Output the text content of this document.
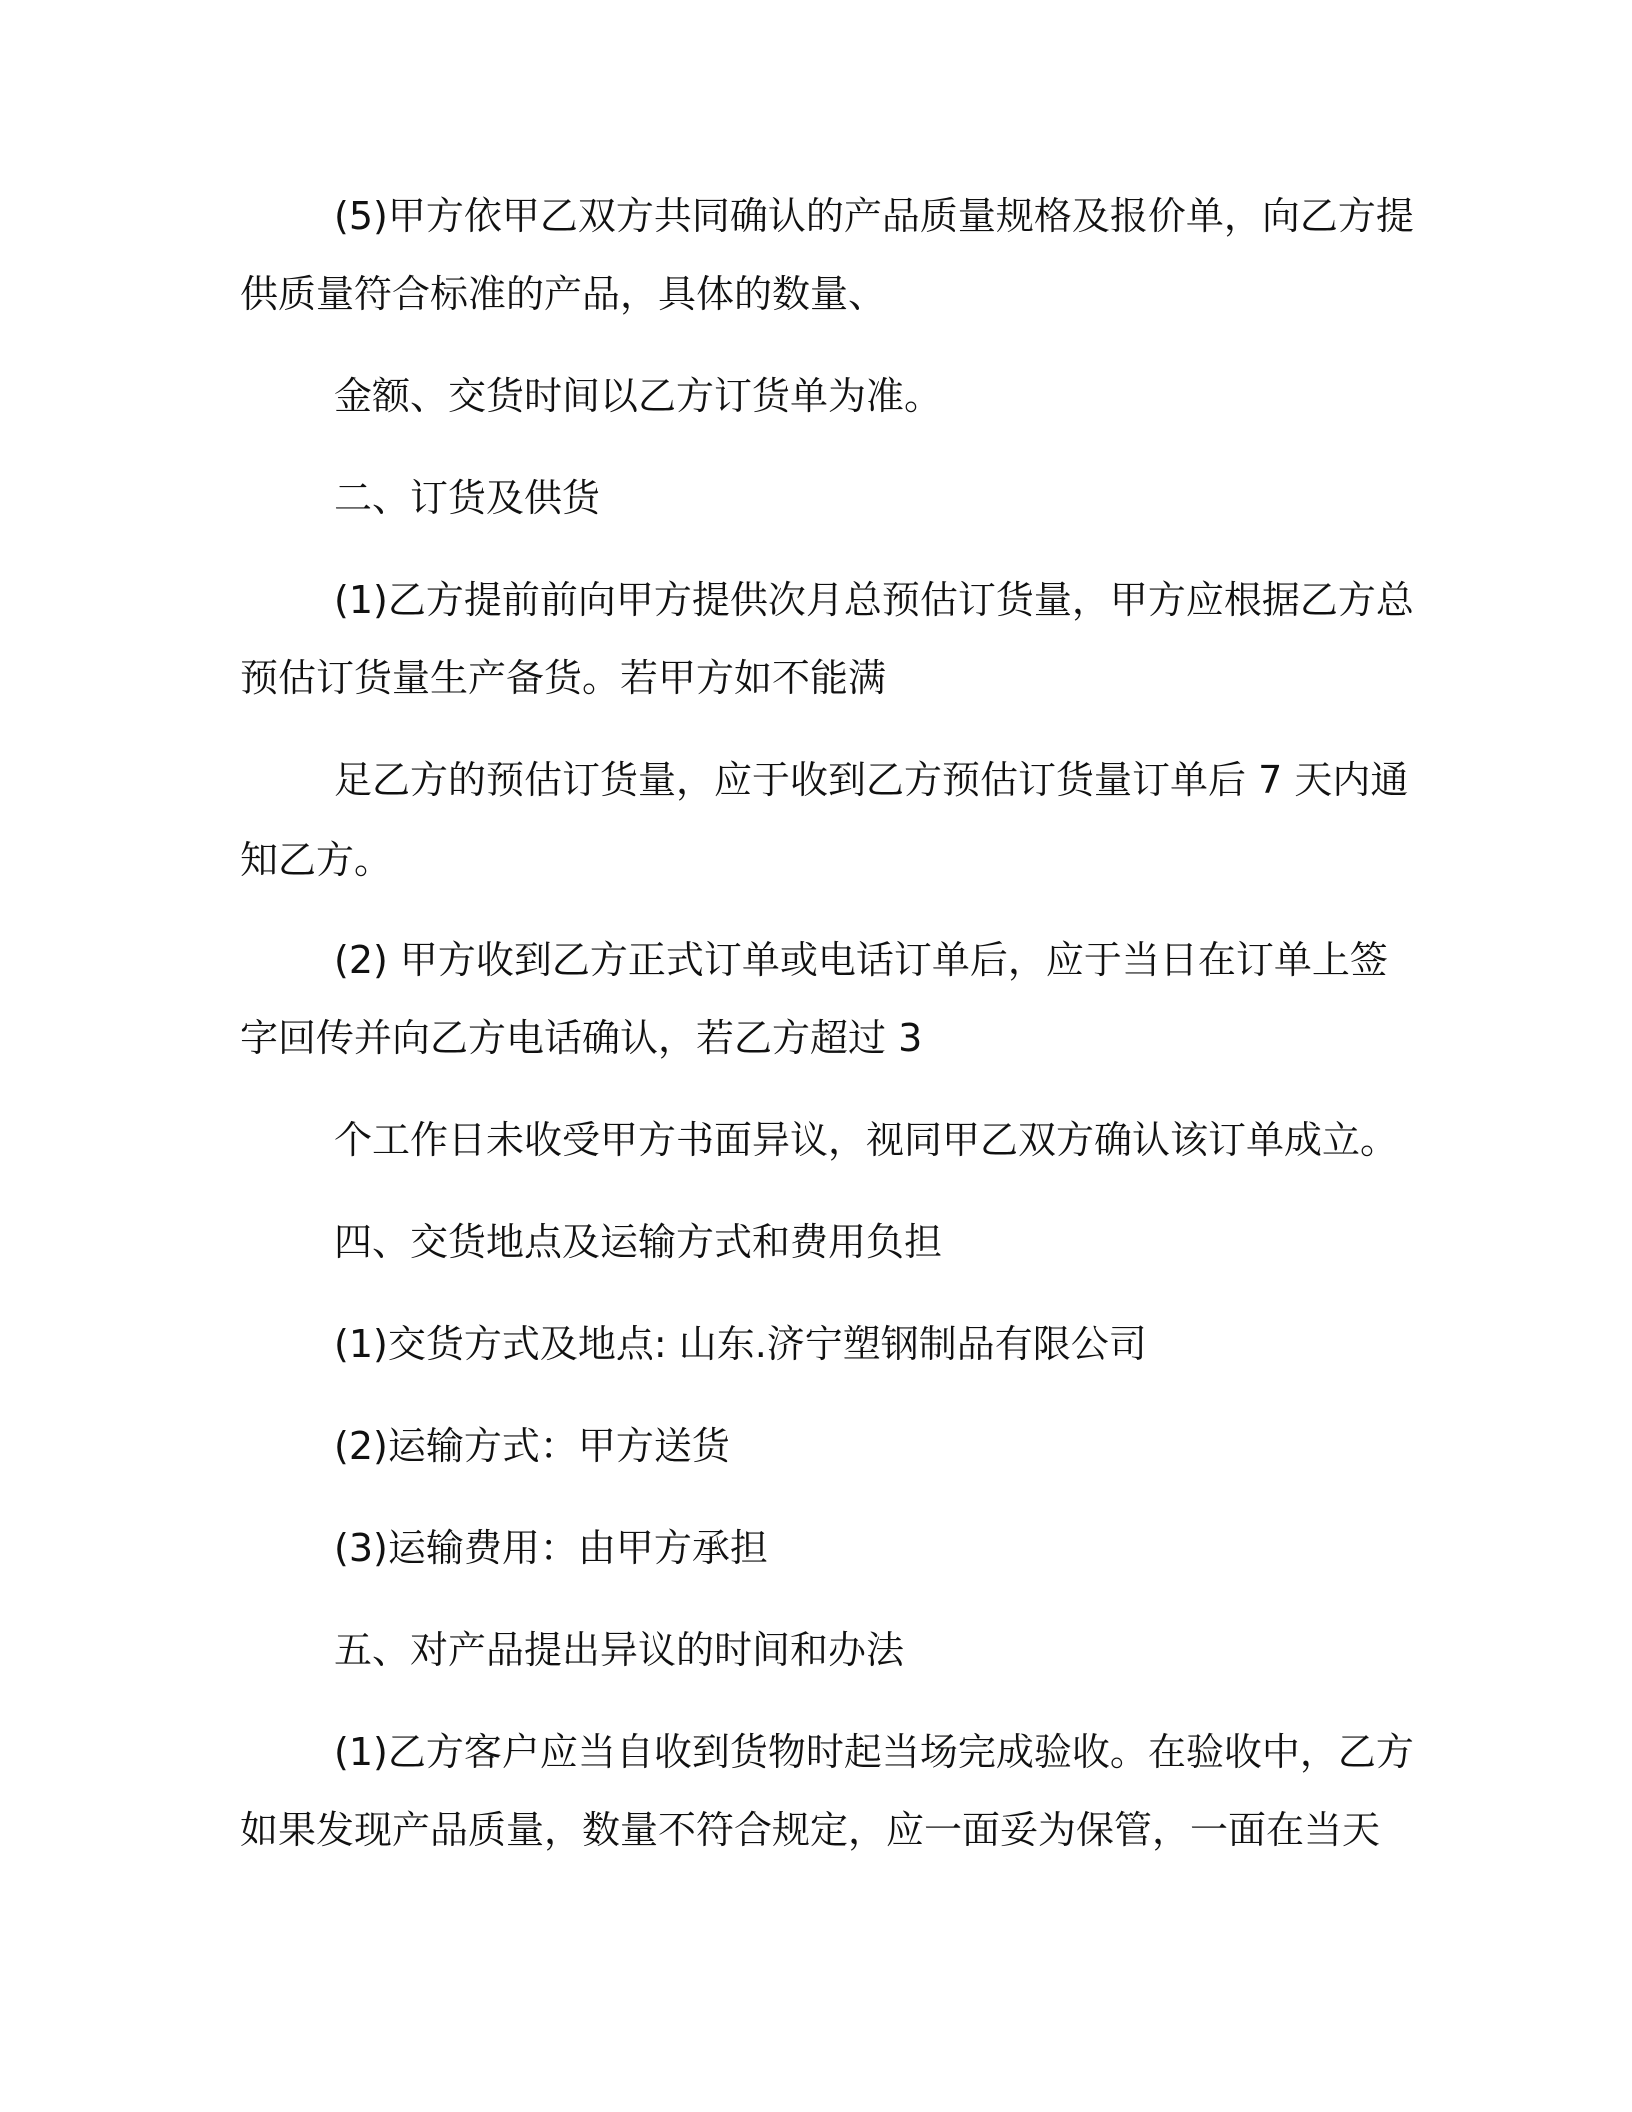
(5)甲方依甲乙双方共同确认的产品质量规格及报价单，向乙方提
供质量符合标准的产品，具体的数量、
金额、交货时间以乙方订货单为准。
二、订货及供货
(1)乙方提前前向甲方提供次月总预估订货量，甲方应根据乙方总
预估订货量生产备货。若甲方如不能满
足乙方的预估订货量，应于收到乙方预估订货量订单后 7 天内通
知乙方。
(2) 甲方收到乙方正式订单或电话订单后，应于当日在订单上签
字回传并向乙方电话确认，若乙方超过 3
个工作日未收受甲方书面异议，视同甲乙双方确认该订单成立。
四、交货地点及运输方式和费用负担
(1)交货方式及地点: 山东.济宁塑钢制品有限公司
(2)运输方式：甲方送货
(3)运输费用：由甲方承担
五、对产品提出异议的时间和办法
(1)乙方客户应当自收到货物时起当场完成验收。在验收中，乙方
如果发现产品质量，数量不符合规定，应一面妥为保管，一面在当天
